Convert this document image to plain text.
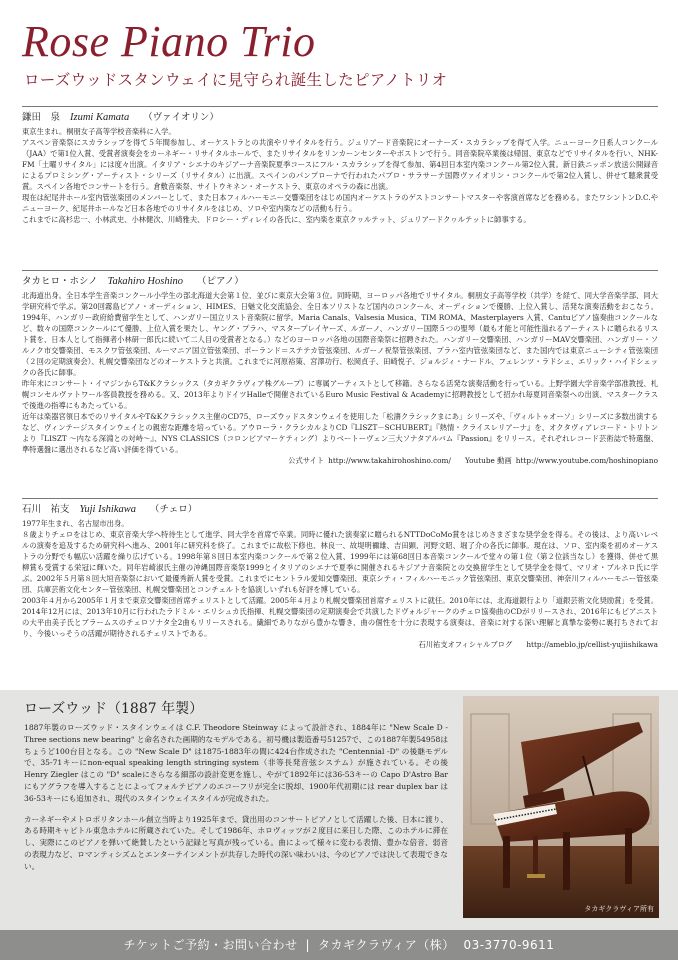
Rose Piano Trio
ローズウッドスタンウェイに見守られ誕生したピアノトリオ
鎌田　泉 Izumi Kamata （ヴァイオリン）

東京生まれ。桐朋女子高等学校音楽科に入学。

アスペン音楽祭にスカラシップを得て５年間参加し、オーケストラとの共演やリサイタルを行う。ジュリアード音楽院にオーナーズ・スカラシップを得て入学。ニューヨーク日系人コンクール（JAA）で第1位入賞、受賞者演奏会をカーネギー・リサイタルホールで、またリサイタルをリンカーンセンターやボストンで行う。同音楽院卒業後は帰国、東京などでリサイタルを行い、NHK-FM「土曜リサイタル」には度々出演。イタリア・シエナのキジアーナ音楽院夏季コースにフル・スカラシップを得て参加、第4回日本室内楽コンクール第2位入賞。新日鉄ニッポン放送公開録音によるプロミシング・アーティスト・シリーズ（リサイタル）に出演。スペインのパンプローナで行われたパブロ・サラサーテ国際ヴァイオリン・コンクールで第2位入賞し、併せて聴衆賞受賞。スペイン各地でコンサートを行う。倉敷音楽祭、サイトウキネン・オーケストラ、東京のオペラの森に出演。

現在は紀尾井ホール室内管弦楽団のメンバーとして、また日本フィルハーモニー交響楽団をはじめ国内オーケストラのゲストコンサートマスターや客演首席などを務める。またワシントンD.C.やニューヨーク、紀尾井ホールなど日本各地でのリサイタルをはじめ、ソロや室内楽などの活動も行う。

これまでに高杉忠一、小林武史、小林健次、川崎雅夫、ドロシー・ディレイの各氏に、室内楽を東京クヮルテット、ジュリアードクヮルテットに師事する。

タカヒロ・ホシノ Takahiro Hoshino （ピアノ）

北海道出身。全日本学生音楽コンクール小学生の部北海道大会第１位、並びに東京大会第３位。同時期、ヨーロッパ各地でリサイタル。桐朋女子高等学校（共学）を経て、同大学音楽学部、同大学研究科で学ぶ。第20回霧島ピアノ・オーディション、HIMES、日魅文化交流協会、全日本ソリストなど国内のコンクール、オーディションで優勝、上位入賞し、活発な演奏活動をおこなう。1994年、ハンガリー政府給費留学生として、ハンガリー国立リスト音楽院に留学。Maria Canals、Valsesia Musica、TIM ROMA、Masterplayers 入賞、Cantuピアノ協奏曲コンクールなど、数々の国際コンクールにて優勝、上位入賞を果たし、ヤング・プラハ、マスタープレイヤーズ、ルガーノ、ハンガリー国際５つの聖琴（最も才能と可能性溢れるアーティストに贈られるリスト賞を、日本人として指揮者小林研一郎氏に続いて二人目の受賞者となる。）などのヨーロッパ各地の国際音楽祭に招聘された。ハンガリー交響楽団、ハンガリーMAV交響楽団、ハンガリー・ソルノク市交響楽団、モスクワ管弦楽団、ルーマニア国立管弦楽団、ポーランド＝ステテカ管弦楽団、ルガーノ祝祭管弦楽団、プラハ室内管弦楽団など、また国内では東京ニューシティ管弦楽団（２回の定期演奏会）、札幌交響楽団などのオーケストラと共演。これまでに河原裕策、宮澤功行、松岡貞子、田崎悦子、ジョルジィ・ナードル、フェレンツ・ラドシュ、エリック・ハイドシェックの各氏に師事。

昨年末にコンサート・イマジンからT&Kクラシックス（タカギクラヴィア株グループ）に専属アーティストとして移籍。さらなる活発な演奏活動を行っている。上野学園大学音楽学部准教授、札幌コンセルヴァトワール客員教授を務める。又、2013年よりドイツHalleで開催されているEuro Music Festival & Academyに招聘教授として招かれ毎夏同音楽祭への出演、マスタークラスで後進の指導にもあたっている。

近年は楽器宮領日本でのリサイタルやT&Kクラシックス主催のCD75、ローズウッドスタンウェイを使用した「松濤クラシックまにあ」シリーズや、「ヴィルトゥオーソ」シリーズに多数出演するなど、ヴィンテージスタインウェイとの親密な距離を培っている。アウローラ・クラシカルよりCD『LISZT－SCHUBERT』『熱情・クライスレリアーナ』を、オクタヴィアレコード・トリトンより『LISZT 〜内なる深淵との対峙〜』、NYS CLASSICS（コロンビアマーケティング）よりベートーヴェン三大ソナタアルバム『Passion』をリリース。それぞれレコード芸術誌で特選盤、準特選盤に選出されるなど高い評価を得ている。

公式サイト http://www.takahirohoshino.com/ Youtube 動画 http://www.youtube.com/hoshinopiano
石川　祐支 Yuji Ishikawa （チェロ）

1977年生まれ、名古屋市出身。

８歳よりチェロをはじめ、東京音楽大学へ特待生として進学、同大学を首席で卒業。同時に優れた演奏家に贈られるNTTDoCoMo賞をはじめさまざまな奨学金を得る。その後は、より高いレベルの演奏を追及するため研究科へ進み、2001年に研究科を終了。これまでに故松下修也、林良一、故堤明禰雄、吉田顕、河野文昭、堀了介の各氏に師事。現在は、ソロ、室内楽を初めオーケストラの分野でも幅広い活躍を繰り広げている。1998年第８回日本室内楽コンクールで第２位入賞、1999年には第68回日本音楽コンクールで堂々の第１位（第２位該当なし）を獲得、併せて黒柳賞も受賞する栄冠に輝いた。同年岩崎淑氏主催の沖縄国際音楽祭1999とイタリアのシエナで夏季に開催されるキジアナ音楽院との交換留学生として奨学金を得て、マリオ・ブルネロ氏に学ぶ。2002年５月第８回大垣音楽祭において最優秀新人賞を受賞。これまでにセントラル愛知交響楽団、東京シティ・フィルハーモニック管弦楽団、東京交響楽団、神奈川フィルハーモニー管弦楽団、兵庫芸術文化センター管弦楽団、札幌交響楽団とコンチェルトを協演しいずれも好評を博している。

2003年４月から2005年１月まで東京交響楽団首席チェリストとして活躍。2005年４月より札幌交響楽団首席チェリストに就任。2010年には、北海道銀行より「道銀芸術文化奨励賞」を受賞。2014年12月には、2013年10月に行われたラドミル・エリシュカ氏指揮、札幌交響楽団の定期演奏会で共演したドヴォルジャークのチェロ協奏曲のCDがリリースされ、2016年にもピアニストの大平由美子氏とブラームスのチェロソナタ全2曲もリリースされる。繊細でありながら豊かな響き、曲の個性を十分に表現する演奏は、音楽に対する深い理解と真摯な姿勢に裏打ちされており、今後いっそうの活躍が期待されるチェリストである。

石川祐支オフィシャルブログ http://ameblo.jp/cellist-yujiishikawa
ローズウッド（1887 年製）

1887年製のローズウッド・スタインウェイは C.F. Theodore Steinway によって設計され、1884年に "New Scale D -Three sections new bearing" と命名された画期的なモデルである。初号機は製造番号51257で、この1887年製54958はちょうど100台目となる。この "New Scale D" は1875-1883年の間に424台作成された "Centennial -D" の後継モデルで、35-71キーにnon-equal speaking length stringing system（非等長発音弦システム）が施されている。その後 Henry Ziegler はこの "D" scaleにさらなる細部の設計変更を施し、やがて1892年には36-53キーの Capo D'Astro Bar にもアグラフを導入することによってフォルテピアノのエコーフリが完全に脱却、1900年代初期には rear duplex bar は36-53キーにも追加され、現代のスタインウェイスタイルが完成された。

カーネギーやメトロポリタンホール創立当時より1925年まで、貸出用のコンサートピアノとして活躍した後、日本に渡り、ある時期キャピトル東急ホテルに所蔵されていた。そして1986年、ホロヴィッツが２度目に来日した際、このホテルに滞在し、実際にこのピアノを弾いて絶賛したという記録と写真が残っている。曲によって様々に変わる表情、豊かな倍音、弱音の表現力など、ロマンティシズムとエンターテインメントが共存した時代の深い味わいは、今のピアノでは決して表現できない。

タカギクラヴィア所有
チケットご予約・お問い合わせ | タカギクラヴィア（株） 03-3770-9611
